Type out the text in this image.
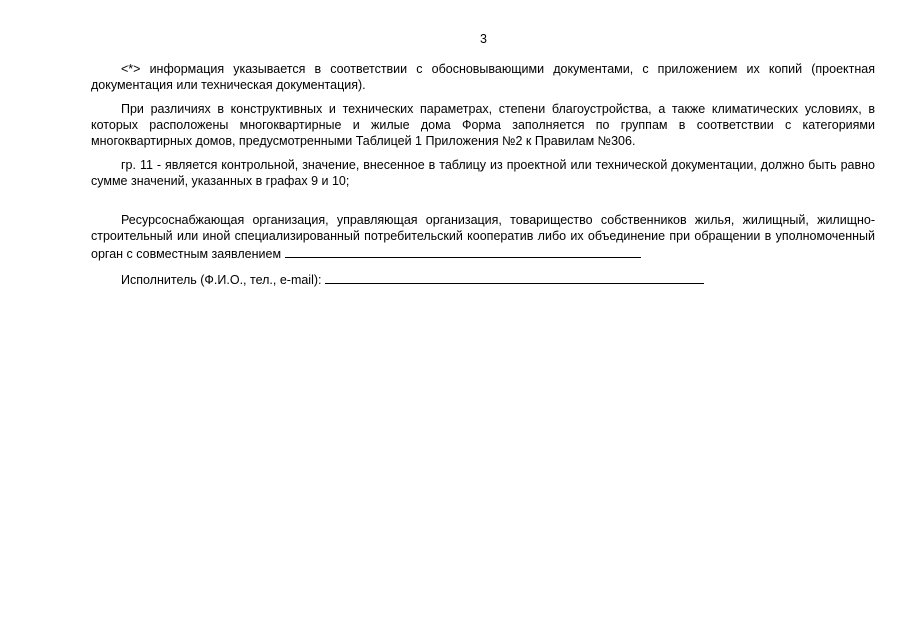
3

<*> информация указывается в соответствии с обосновывающими документами, с приложением их копий (проектная документация или техническая документация).

При различиях в конструктивных и технических параметрах, степени благоустройства, а также климатических условиях, в которых расположены многоквартирные и жилые дома Форма заполняется по группам в соответствии с категориями многоквартирных домов, предусмотренными Таблицей 1 Приложения №2 к Правилам №306.

гр. 11 - является контрольной, значение, внесенное в таблицу из проектной или технической документации, должно быть равно сумме значений, указанных в графах 9 и 10;

Ресурсоснабжающая организация, управляющая организация, товарищество собственников жилья, жилищный, жилищно-строительный или иной специализированный потребительский кооператив либо их объединение при обращении в уполномоченный орган с совместным заявлением

Исполнитель (Ф.И.О., тел., e-mail):
